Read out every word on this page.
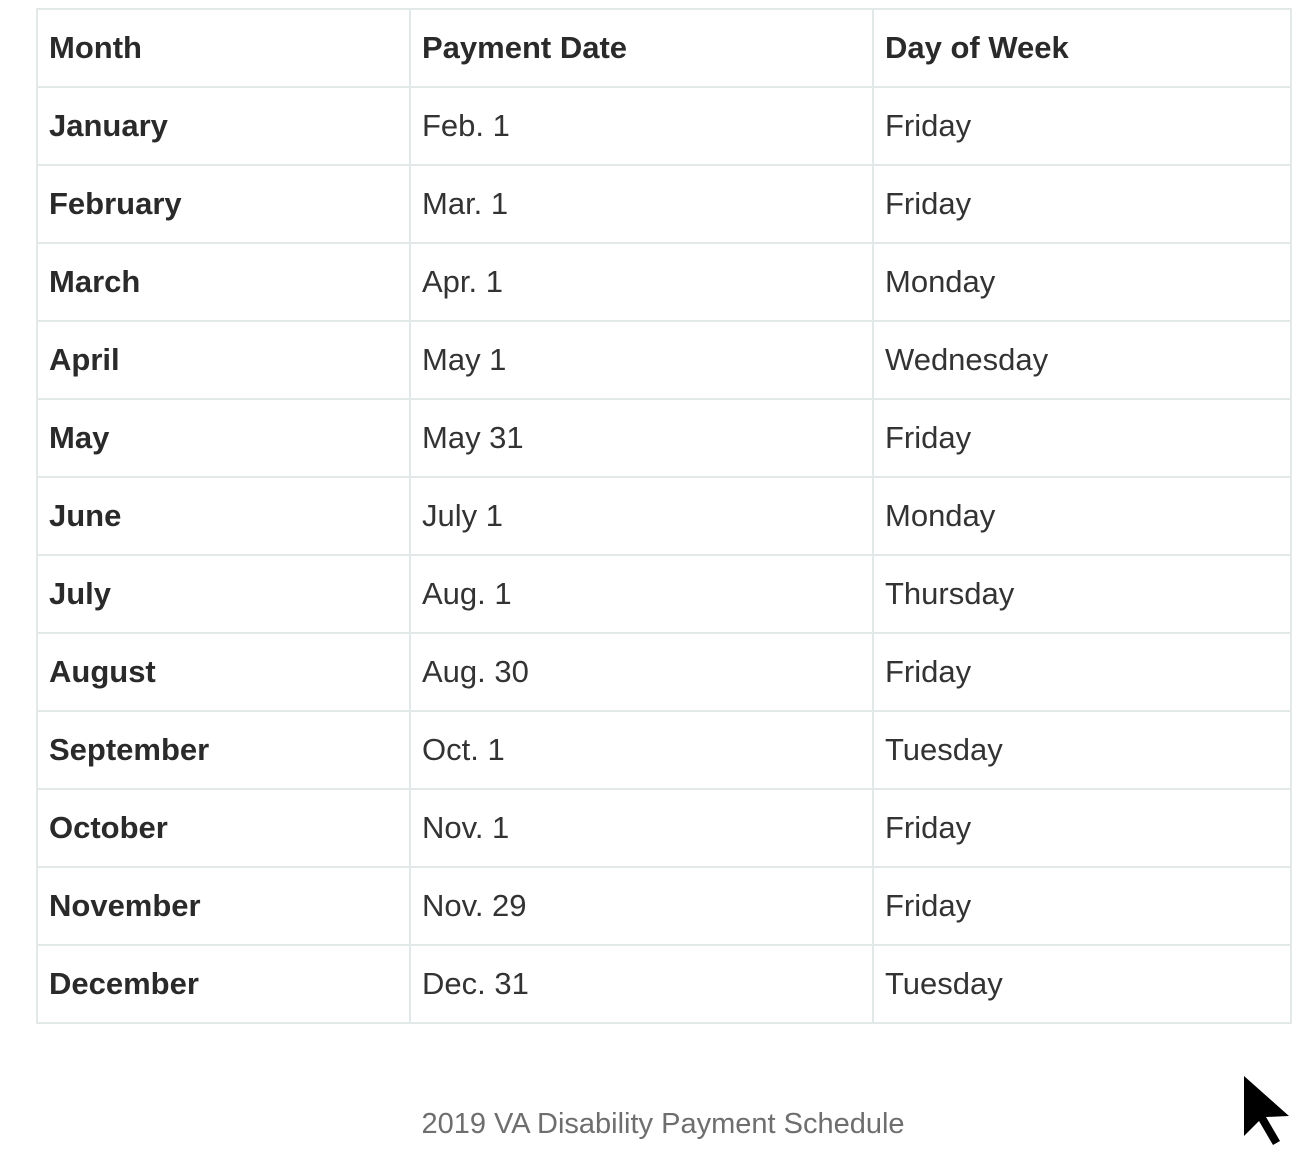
Month	Payment Date	Day of Week
January	Feb. 1	Friday
February	Mar. 1	Friday
March	Apr. 1	Monday
April	May 1	Wednesday
May	May 31	Friday
June	July 1	Monday
July	Aug. 1	Thursday
August	Aug. 30	Friday
September	Oct. 1	Tuesday
October	Nov. 1	Friday
November	Nov. 29	Friday
December	Dec. 31	Tuesday
2019 VA Disability Payment Schedule
